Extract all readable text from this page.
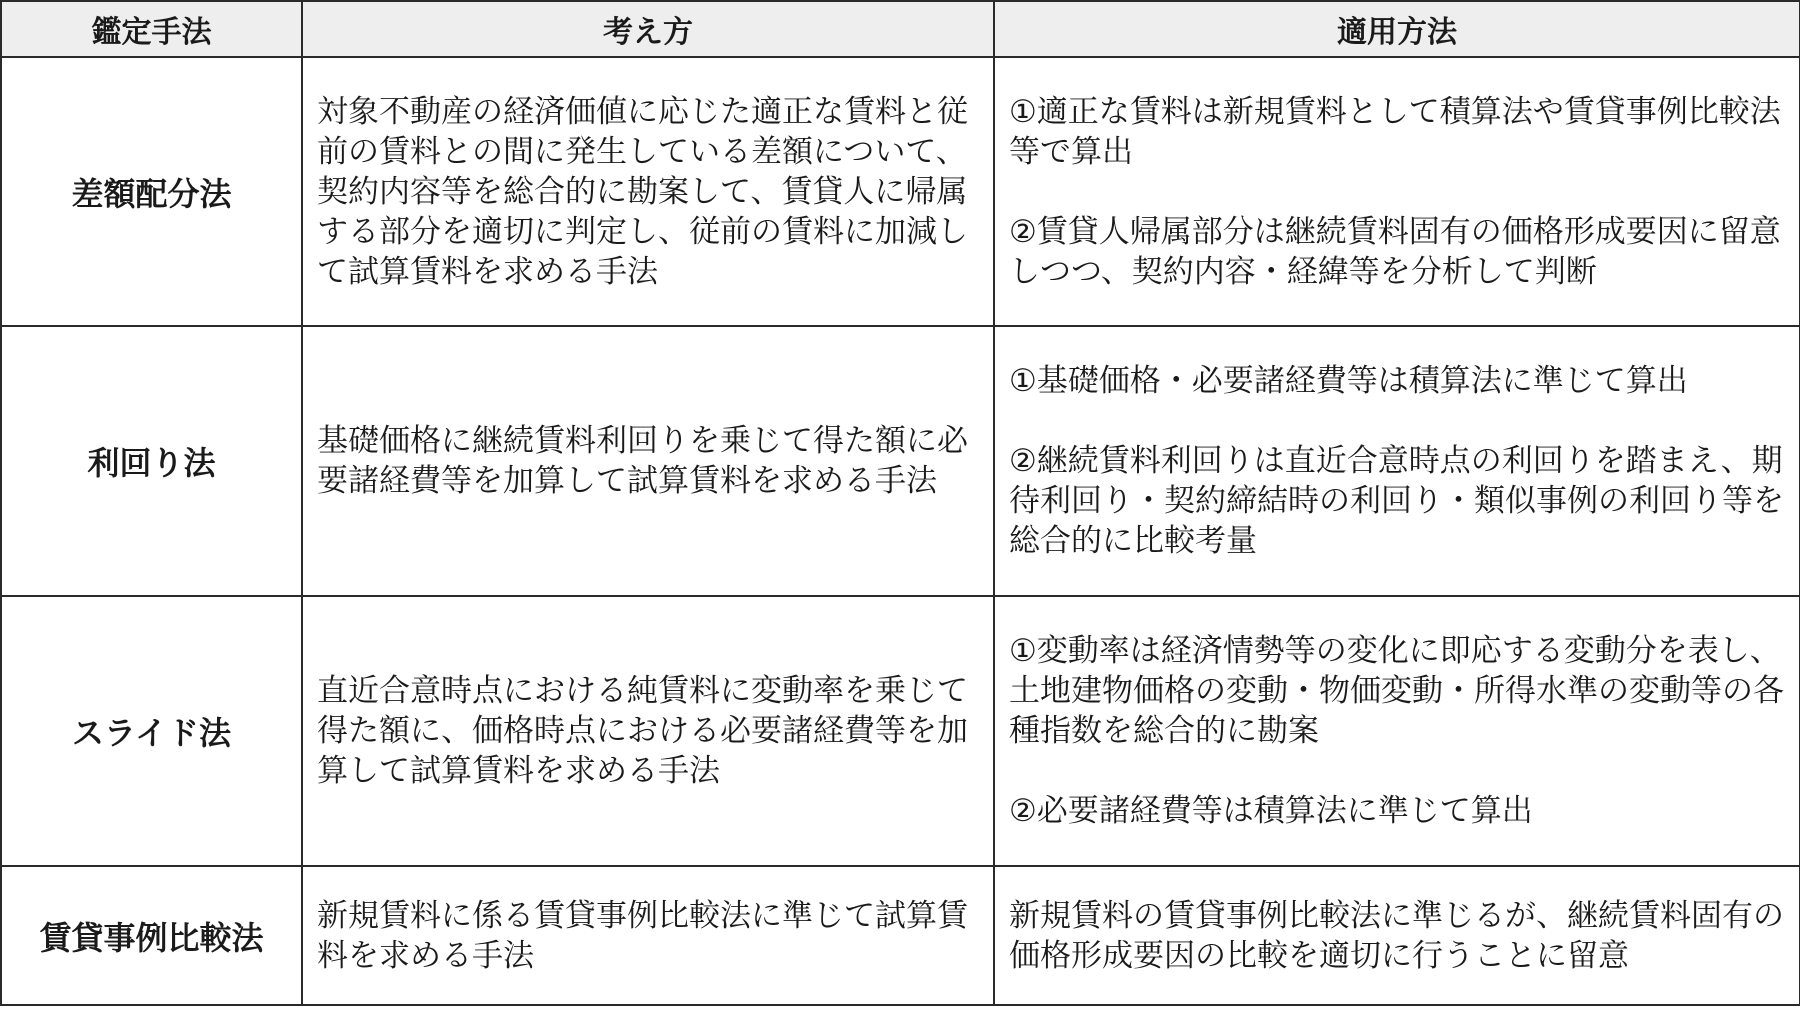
鑑定手法	考え方	適用方法
差額配分法	対象不動産の経済価値に応じた適正な賃料と従前の賃料との間に発生している差額について、契約内容等を総合的に勘案して、賃貸人に帰属する部分を適切に判定し、従前の賃料に加減して試算賃料を求める手法	①適正な賃料は新規賃料として積算法や賃貸事例比較法等で算出
②賃貸人帰属部分は継続賃料固有の価格形成要因に留意しつつ、契約内容・経緯等を分析して判断

利回り法	基礎価格に継続賃料利回りを乗じて得た額に必要諸経費等を加算して試算賃料を求める手法	①基礎価格・必要諸経費等は積算法に準じて算出
②継続賃料利回りは直近合意時点の利回りを踏まえ、期待利回り・契約締結時の利回り・類似事例の利回り等を総合的に比較考量

スライド法	直近合意時点における純賃料に変動率を乗じて得た額に、価格時点における必要諸経費等を加算して試算賃料を求める手法	①変動率は経済情勢等の変化に即応する変動分を表し、土地建物価格の変動・物価変動・所得水準の変動等の各種指数を総合的に勘案
②必要諸経費等は積算法に準じて算出

賃貸事例比較法	新規賃料に係る賃貸事例比較法に準じて試算賃料を求める手法	新規賃料の賃貸事例比較法に準じるが、継続賃料固有の価格形成要因の比較を適切に行うことに留意
